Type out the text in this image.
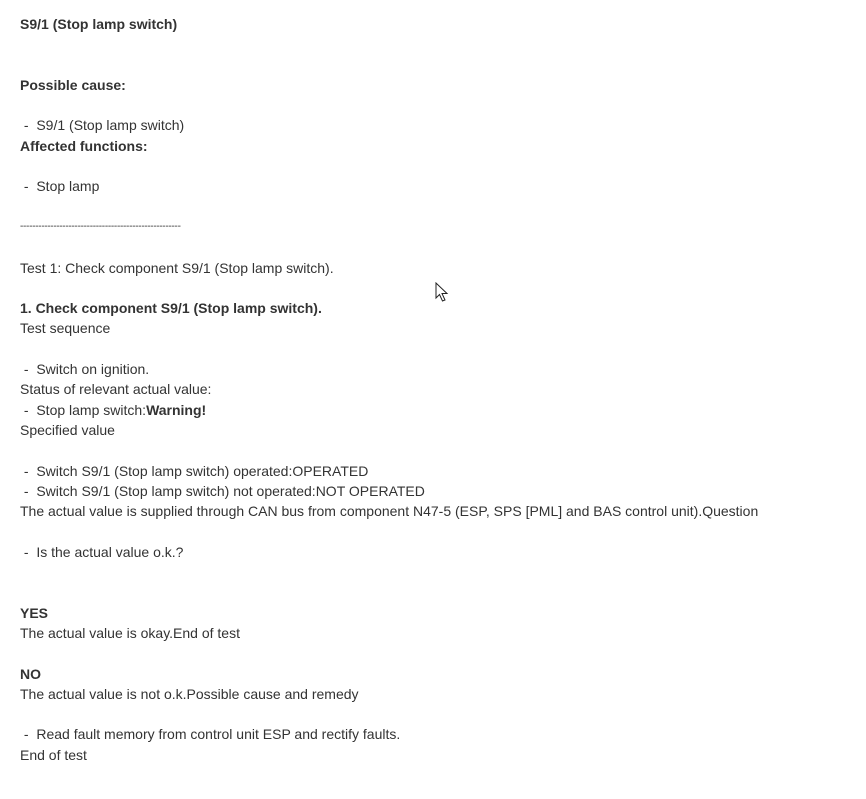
S9/1 (Stop lamp switch)
Possible cause:
-  S9/1 (Stop lamp switch)
Affected functions:
-  Stop lamp
-----------------------------------------------------
Test 1: Check component S9/1 (Stop lamp switch).
1. Check component S9/1 (Stop lamp switch).
Test sequence
-  Switch on ignition.
Status of relevant actual value:
-  Stop lamp switch:Warning!
Specified value
-  Switch S9/1 (Stop lamp switch) operated:OPERATED
-  Switch S9/1 (Stop lamp switch) not operated:NOT OPERATED
The actual value is supplied through CAN bus from component N47-5 (ESP, SPS [PML] and BAS control unit).Question
-  Is the actual value o.k.?
YES
The actual value is okay.End of test
NO
The actual value is not o.k.Possible cause and remedy
-  Read fault memory from control unit ESP and rectify faults.
End of test
